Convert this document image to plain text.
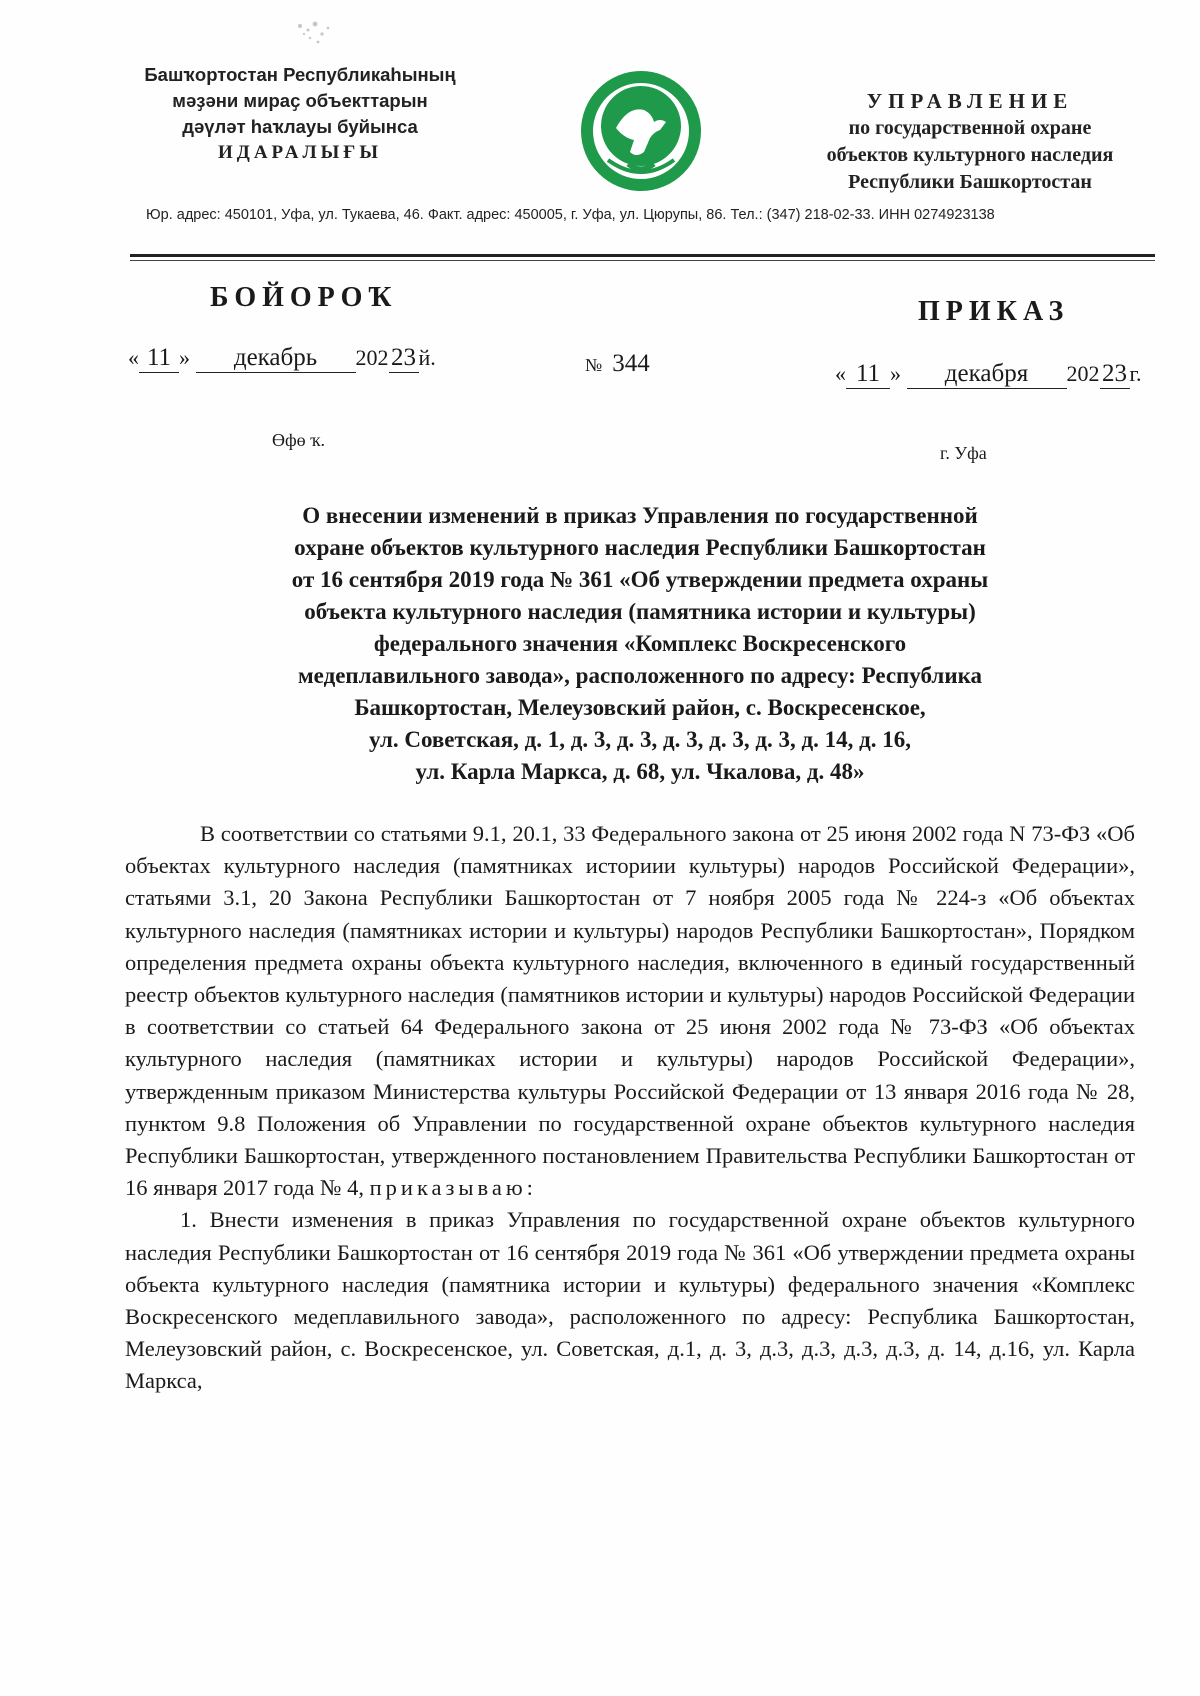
Башҡортостан Республикаһының
мәҙәни мираҫ объекттарын
дәүләт һаҡлауы буйынса
ИДАРАЛЫҒЫ
УПРАВЛЕНИЕ
по государственной охране
объектов культурного наследия
Республики Башкортостан
Юр. адрес: 450101, Уфа, ул. Тукаева, 46. Факт. адрес: 450005, г. Уфа, ул. Цюрупы, 86. Тел.: (347) 218-02-33. ИНН 0274923138
БОЙОРОҠ	ПРИКАЗ
« 11 » декабрь 202 23 й.	№ 344	« 11 » декабря 202 23 г.
Өфө ҡ.
г. Уфа
О внесении изменений в приказ Управления по государственной
охране объектов культурного наследия Республики Башкортостан
от 16 сентября 2019 года № 361 «Об утверждении предмета охраны
объекта культурного наследия (памятника истории и культуры)
федерального значения «Комплекс Воскресенского
медеплавильного завода», расположенного по адресу: Республика
Башкортостан, Мелеузовский район, с. Воскресенское,
ул. Советская, д. 1, д. 3, д. 3, д. 3, д. 3, д. 3, д. 14, д. 16,
ул. Карла Маркса, д. 68, ул. Чкалова, д. 48»

В соответствии со статьями 9.1, 20.1, 33 Федерального закона от 25 июня 2002 года N 73-ФЗ «Об объектах культурного наследия (памятниках историии культуры) народов Российской Федерации», статьями 3.1, 20 Закона Республики Башкортостан от 7 ноября 2005 года № 224-з «Об объектах культурного наследия (памятниках истории и культуры) народов Республики Башкортостан», Порядком определения предмета охраны объекта культурного наследия, включенного в единый государственный реестр объектов культурного наследия (памятников истории и культуры) народов Российской Федерации в соответствии со статьей 64 Федерального закона от 25 июня 2002 года № 73-ФЗ «Об объектах культурного наследия (памятниках истории и культуры) народов Российской Федерации», утвержденным приказом Министерства культуры Российской Федерации от 13 января 2016 года № 28, пунктом 9.8 Положения об Управлении по государственной охране объектов культурного наследия Республики Башкортостан, утвержденного постановлением Правительства Республики Башкортостан от 16 января 2017 года № 4, приказываю:

1. Внести изменения в приказ Управления по государственной охране объектов культурного наследия Республики Башкортостан от 16 сентября 2019 года № 361 «Об утверждении предмета охраны объекта культурного наследия (памятника истории и культуры) федерального значения «Комплекс Воскресенского медеплавильного завода», расположенного по адресу: Республика Башкортостан, Мелеузовский район, с. Воскресенское, ул. Советская, д.1, д. 3, д.3, д.3, д.3, д.3, д. 14, д.16, ул. Карла Маркса,
